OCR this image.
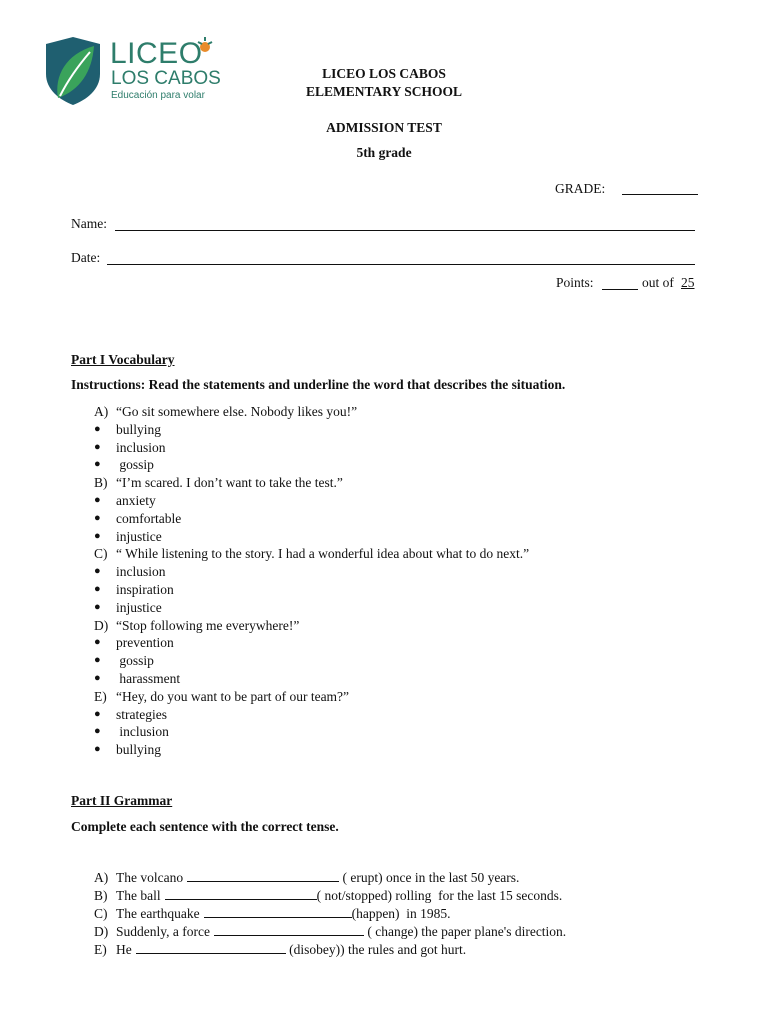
LICEO
LOS CABOS
Educación para volar
LICEO LOS CABOS
ELEMENTARY SCHOOL
ADMISSION TEST
5th grade
GRADE:
Name:
Date:
Points:	out of 25
Part I Vocabulary
Instructions: Read the statements and underline the word that describes the situation.
A) “Go sit somewhere else. Nobody likes you!”
●	bullying
●	inclusion
●	gossip
B) “I’m scared. I don’t want to take the test.”
●	anxiety
●	comfortable
●	injustice
C) “ While listening to the story. I had a wonderful idea about what to do next.”
●	inclusion
●	inspiration
●	injustice
D) “Stop following me everywhere!”
●	prevention
●	gossip
●	harassment
E) “Hey, do you want to be part of our team?”
●	strategies
●	inclusion
●	bullying
Part II Grammar
Complete each sentence with the correct tense.
A) The volcano	( erupt) once in the last 50 years.
B) The ball	( not/stopped) rolling  for the last 15 seconds.
C) The earthquake	(happen)  in 1985.
D) Suddenly, a force	( change) the paper plane's direction.
E) He	(disobey)) the rules and got hurt.
